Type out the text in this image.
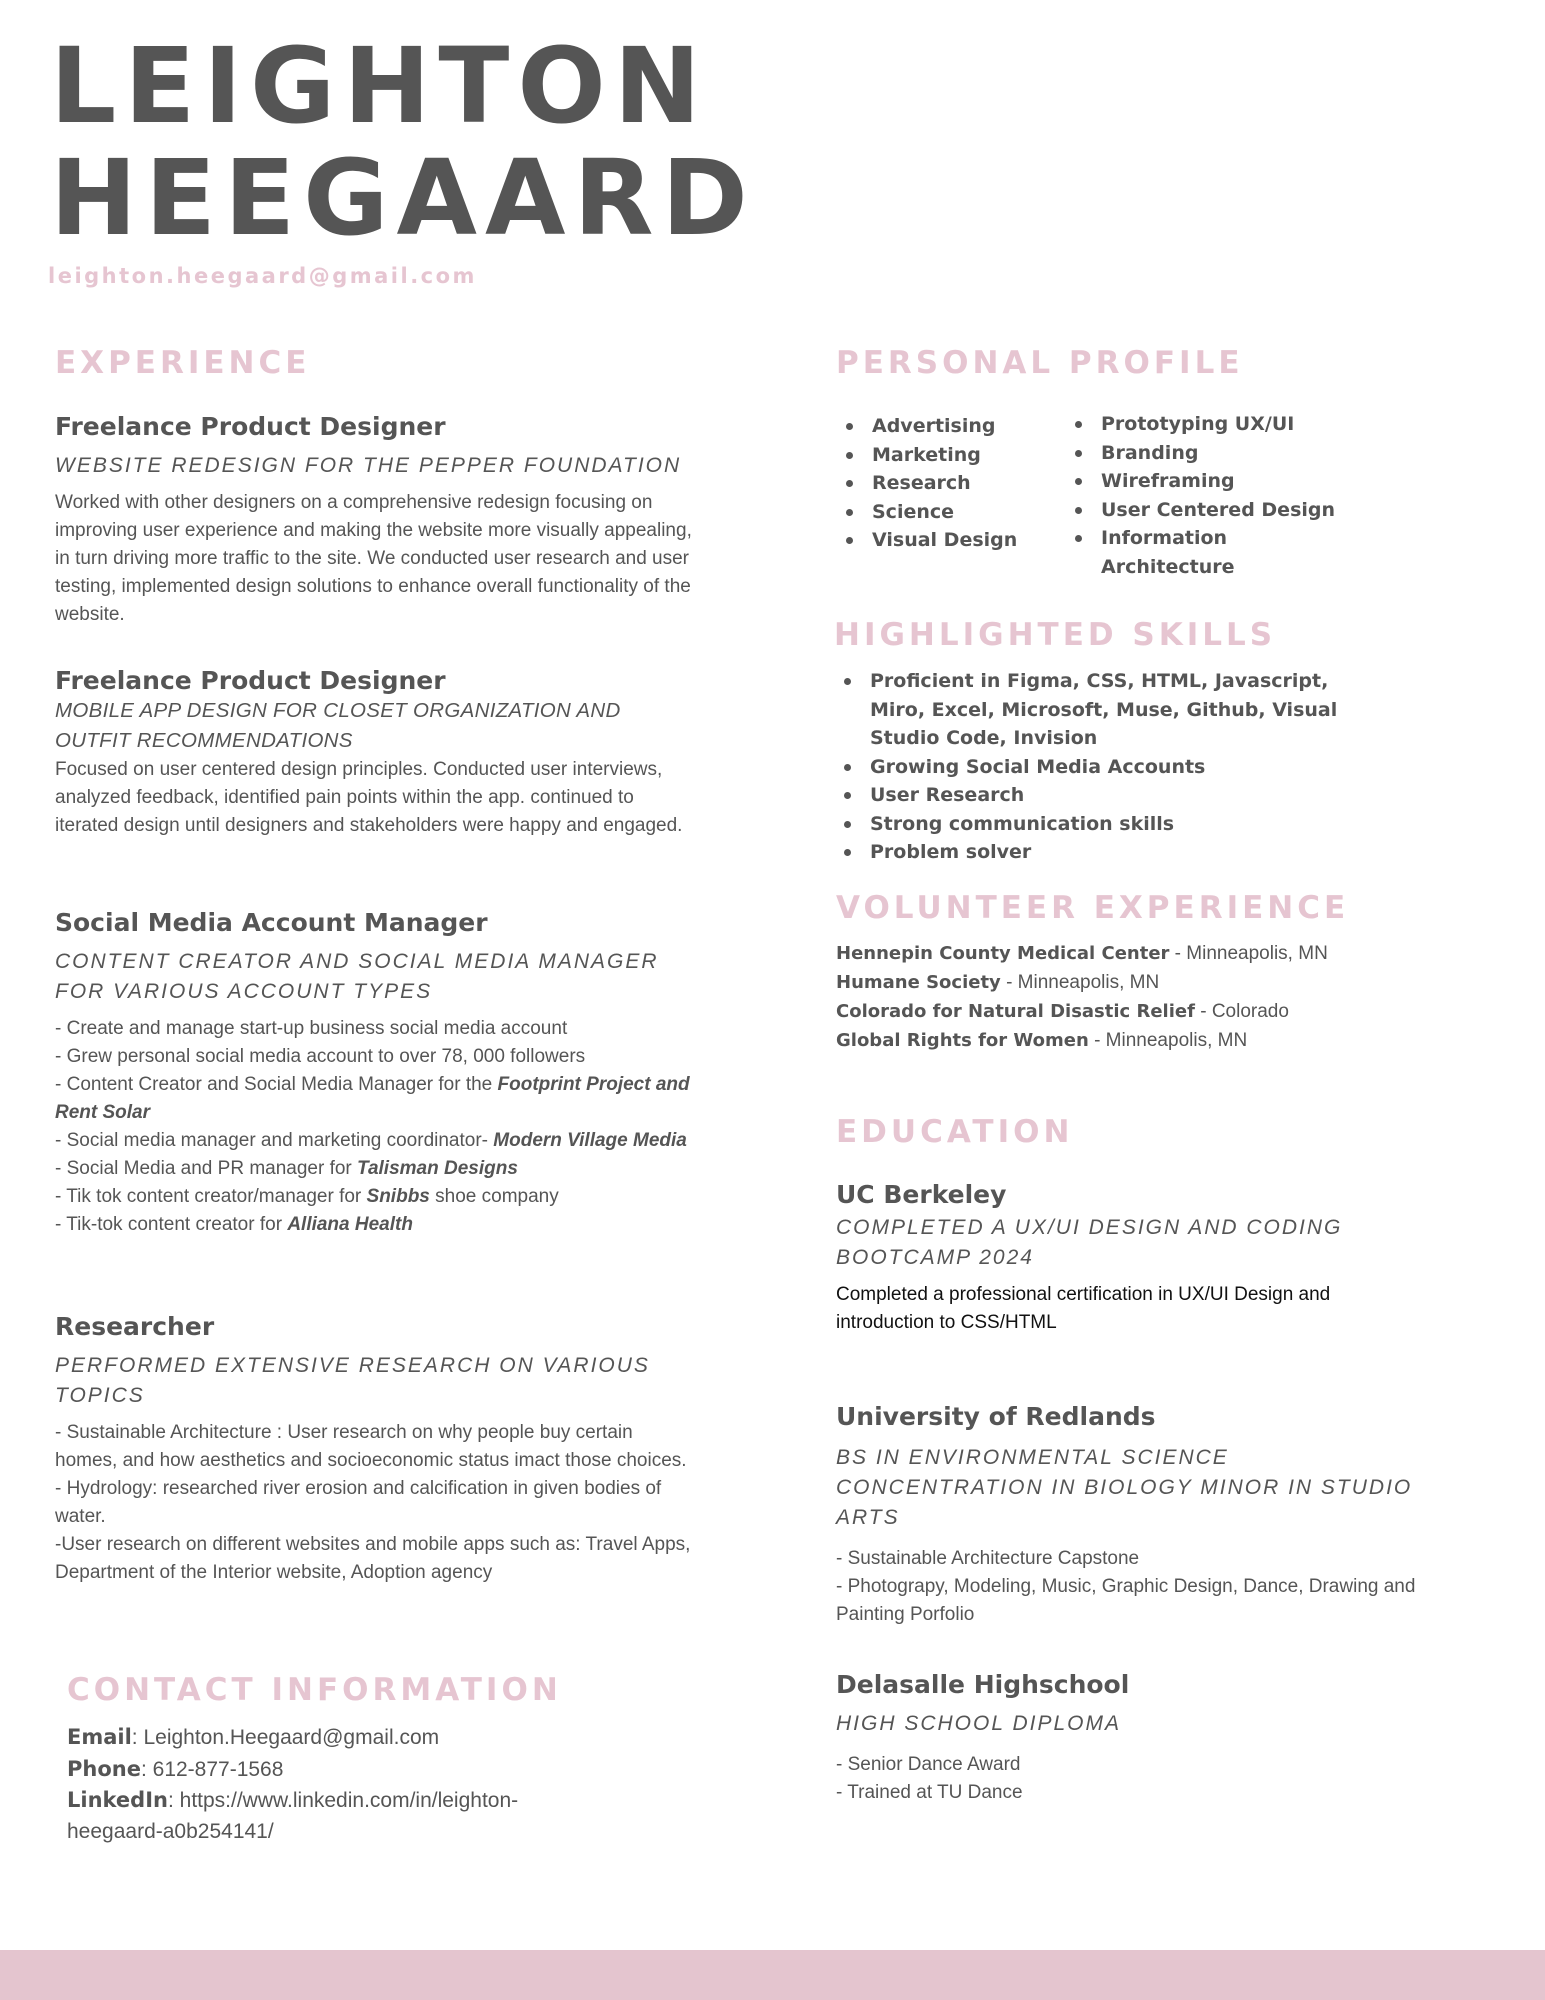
LEIGHTON
HEEGAARD
leighton.heegaard@gmail.com
EXPERIENCE
Freelance Product Designer
WEBSITE REDESIGN FOR THE PEPPER FOUNDATION
Worked with other designers on a comprehensive redesign focusing on improving user experience and making the website more visually appealing, in turn driving more traffic to the site. We conducted user research and user testing, implemented design solutions to enhance overall functionality of the website.
Freelance Product Designer
MOBILE APP DESIGN FOR CLOSET ORGANIZATION AND OUTFIT RECOMMENDATIONS
Focused on user centered design principles. Conducted user interviews, analyzed feedback, identified pain points within the app. continued to iterated design until designers and stakeholders were happy and engaged.
Social Media Account Manager
CONTENT CREATOR AND SOCIAL MEDIA MANAGER FOR VARIOUS ACCOUNT TYPES
- Create and manage start-up business social media account
- Grew personal social media account to over 78, 000 followers
- Content Creator and Social Media Manager for the Footprint Project and Rent Solar
- Social media manager and marketing coordinator- Modern Village Media
- Social Media and PR manager for Talisman Designs
- Tik tok content creator/manager for Snibbs shoe company
- Tik-tok content creator for Alliana Health
Researcher
PERFORMED EXTENSIVE RESEARCH ON VARIOUS TOPICS
- Sustainable Architecture : User research on why people buy certain homes, and how aesthetics and socioeconomic status imact those choices.
- Hydrology: researched river erosion and calcification in given bodies of water.
-User research on different websites and mobile apps such as: Travel Apps, Department of the Interior website, Adoption agency
CONTACT INFORMATION
Email: Leighton.Heegaard@gmail.com
Phone: 612-877-1568
LinkedIn: https://www.linkedin.com/in/leighton-heegaard-a0b254141/
PERSONAL PROFILE
Advertising
Marketing
Research
Science
Visual Design
Prototyping UX/UI
Branding
Wireframing
User Centered Design
Information Architecture
HIGHLIGHTED SKILLS
Proficient in Figma, CSS, HTML, Javascript, Miro, Excel, Microsoft, Muse, Github, Visual Studio Code, Invision
Growing Social Media Accounts
User Research
Strong communication skills
Problem solver
VOLUNTEER EXPERIENCE
Hennepin County Medical Center - Minneapolis, MN
Humane Society - Minneapolis, MN
Colorado for Natural Disastic Relief - Colorado
Global Rights for Women - Minneapolis, MN
EDUCATION
UC Berkeley
COMPLETED A UX/UI DESIGN AND CODING BOOTCAMP 2024
Completed a professional certification in UX/UI Design and introduction to CSS/HTML
University of Redlands
BS IN ENVIRONMENTAL SCIENCE CONCENTRATION IN BIOLOGY MINOR IN STUDIO ARTS
- Sustainable Architecture Capstone
- Photograpy, Modeling, Music, Graphic Design, Dance, Drawing and Painting Porfolio
Delasalle Highschool
HIGH SCHOOL DIPLOMA
- Senior Dance Award
- Trained at TU Dance
